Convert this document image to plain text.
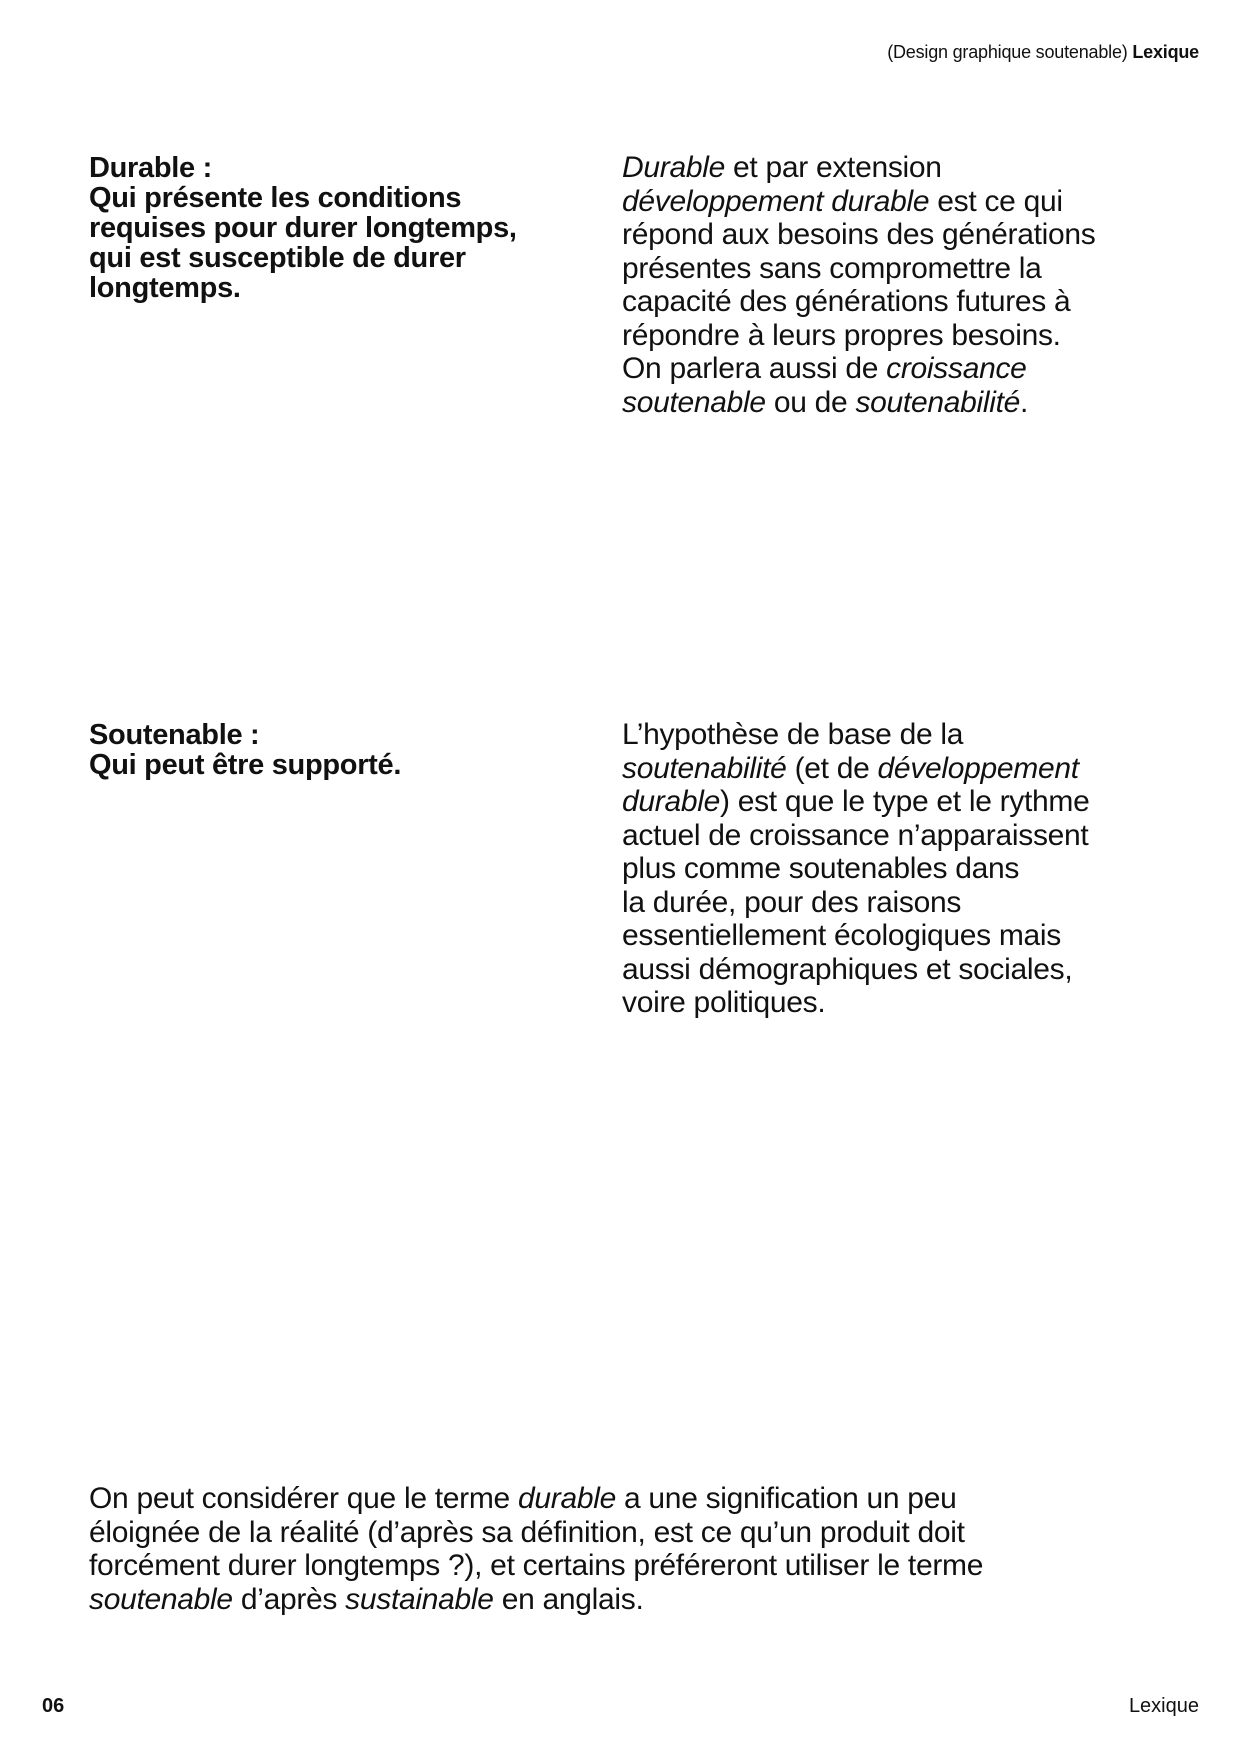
(Design graphique soutenable) Lexique
Durable :
Qui présente les conditions
requises pour durer longtemps,
qui est susceptible de durer
longtemps.
Durable et par extension
développement durable est ce qui
répond aux besoins des générations
présentes sans compromettre la
capacité des générations futures à
répondre à leurs propres besoins.
On parlera aussi de croissance
soutenable ou de soutenabilité.
Soutenable :
Qui peut être supporté.
L’hypothèse de base de la
soutenabilité (et de développement
durable) est que le type et le rythme
actuel de croissance n’apparaissent
plus comme soutenables dans
la durée, pour des raisons
essentiellement écologiques mais
aussi démographiques et sociales,
voire politiques.
On peut considérer que le terme durable a une signification un peu
éloignée de la réalité (d’après sa définition, est ce qu’un produit doit
forcément durer longtemps ?), et certains préféreront utiliser le terme
soutenable d’après sustainable en anglais.
06	Lexique
